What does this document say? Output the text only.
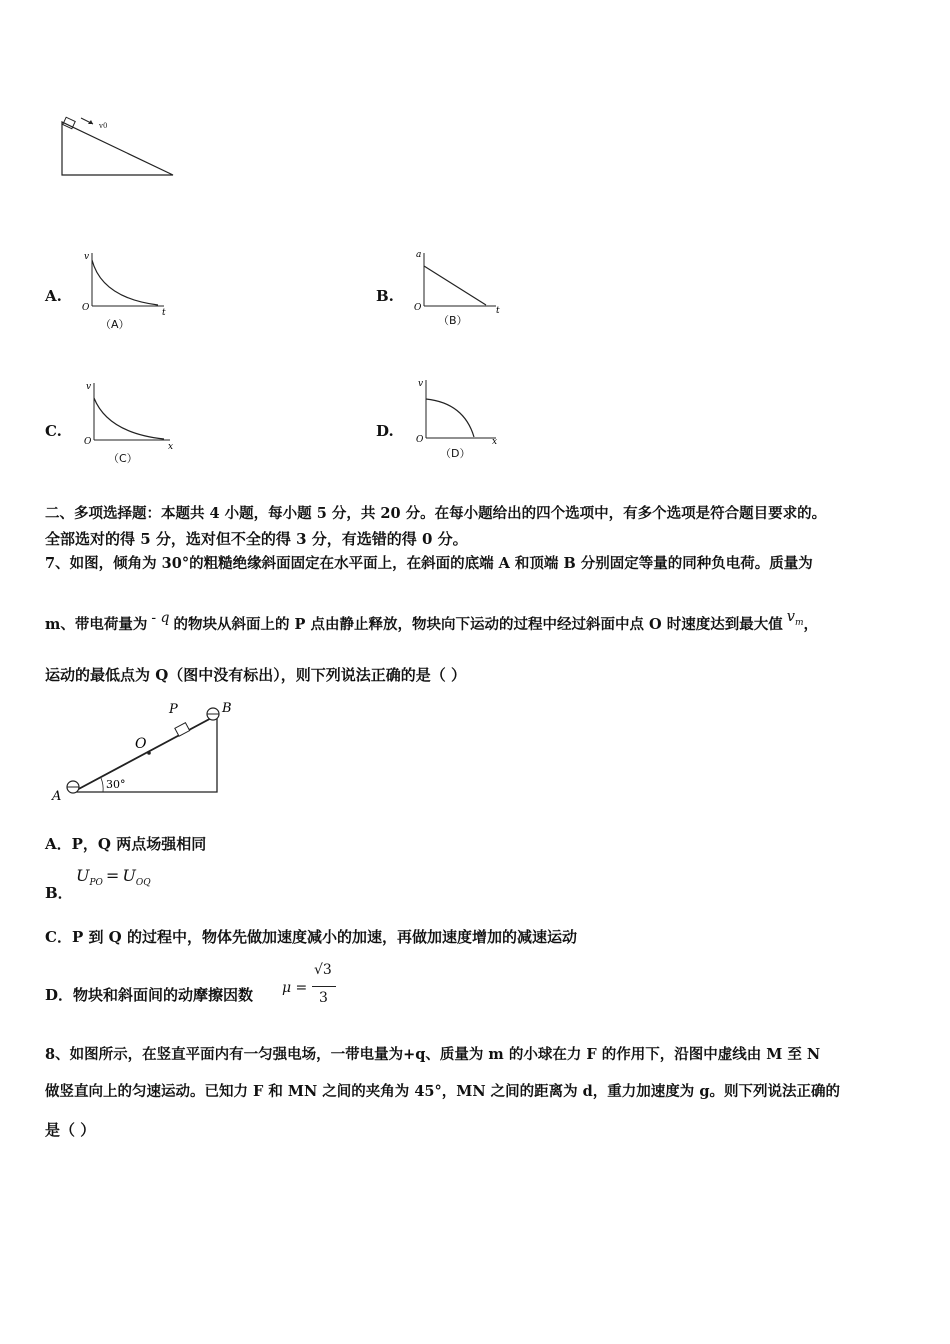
v0
A.
v
t
O
（A）
B.
a
t
O
（B）
C.
v
x
O
（C）
D.
v
x
O
（D）
二、多项选择题：本题共 4 小题，每小题 5 分，共 20 分。在每小题给出的四个选项中，有多个选项是符合题目要求的。
全部选对的得 5 分，选对但不全的得 3 分，有选错的得 0 分。
7、如图，倾角为 30°的粗糙绝缘斜面固定在水平面上，在斜面的底端 A 和顶端 B 分别固定等量的同种负电荷。质量为
m、带电荷量为 - q 的物块从斜面上的 P 点由静止释放，物块向下运动的过程中经过斜面中点 O 时速度达到最大值 $v_m$，
运动的最低点为 Q（图中没有标出），则下列说法正确的是（ ）
A
B
O
P
30°
A．P，Q 两点场强相同
B．
$U_{PO} = U_{OQ}$
C．P 到 Q 的过程中，物体先做加速度减小的加速，再做加速度增加的减速运动
D．物块和斜面间的动摩擦因数 μ =
√3
3
8、如图所示，在竖直平面内有一匀强电场，一带电量为+q、质量为 m 的小球在力 F 的作用下，沿图中虚线由 M 至 N
做竖直向上的匀速运动。已知力 F 和 MN 之间的夹角为 45°，MN 之间的距离为 d，重力加速度为 g。则下列说法正确的
是（ ）
